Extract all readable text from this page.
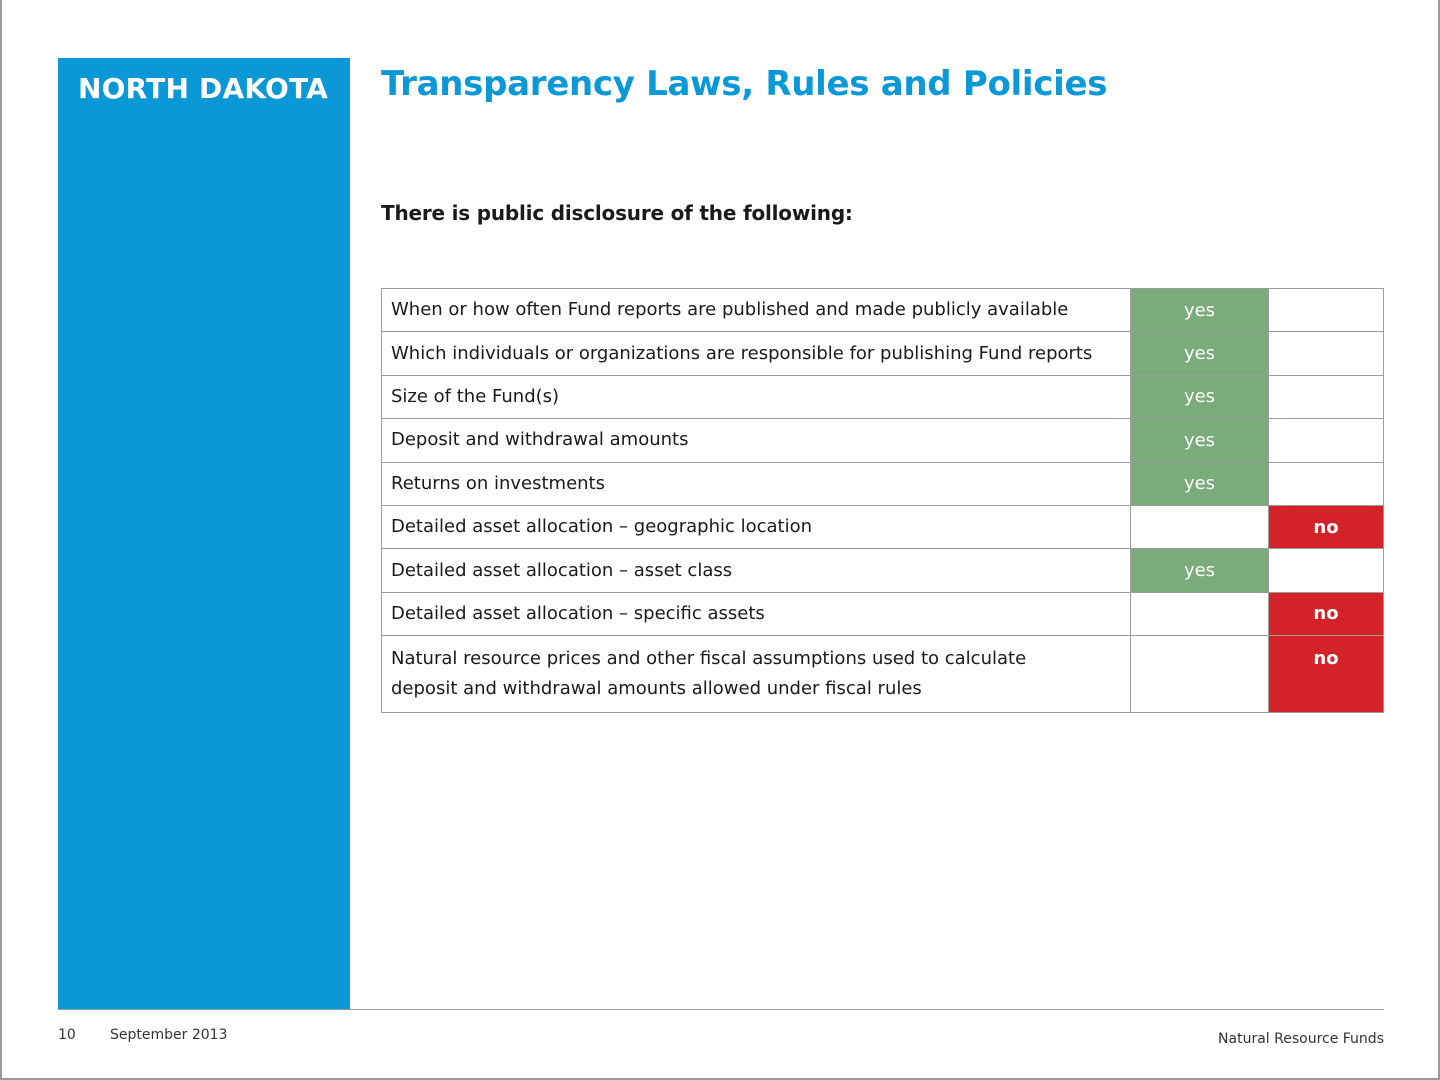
NORTH DAKOTA Transparency Laws, Rules and Policies
There is public disclosure of the following:
When or how often Fund reports are published and made publicly available	yes	
Which individuals or organizations are responsible for publishing Fund reports	yes	
Size of the Fund(s)	yes	
Deposit and withdrawal amounts	yes	
Returns on investments	yes	
Detailed asset allocation – geographic location		no
Detailed asset allocation – asset class	yes	
Detailed asset allocation – specific assets		no
Natural resource prices and other fiscal assumptions used to calculate
deposit and withdrawal amounts allowed under fiscal rules		no
10 September 2013	Natural Resource Funds
